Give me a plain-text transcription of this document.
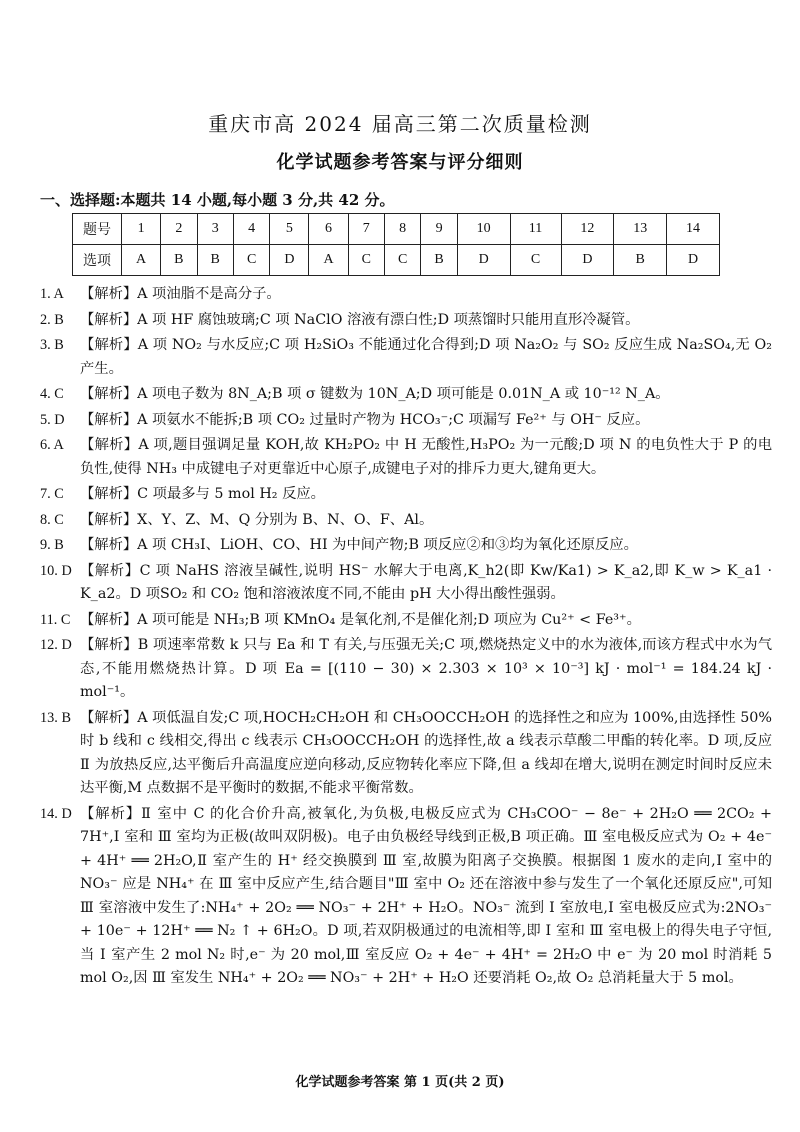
重庆市高 2024 届高三第二次质量检测
化学试题参考答案与评分细则
一、选择题:本题共 14 小题,每小题 3 分,共 42 分。
题号	1	2	3	4	5	6	7	8	9	10	11	12	13	14
选项	A	B	B	C	D	A	C	C	B	D	C	D	B	D
1. A 【解析】A 项油脂不是高分子。
2. B 【解析】A 项 HF 腐蚀玻璃;C 项 NaClO 溶液有漂白性;D 项蒸馏时只能用直形冷凝管。
3. B 【解析】A 项 NO₂ 与水反应;C 项 H₂SiO₃ 不能通过化合得到;D 项 Na₂O₂ 与 SO₂ 反应生成 Na₂SO₄,无 O₂ 产生。
4. C 【解析】A 项电子数为 8N_A;B 项 σ 键数为 10N_A;D 项可能是 0.01N_A 或 10⁻¹² N_A。
5. D 【解析】A 项氨水不能拆;B 项 CO₂ 过量时产物为 HCO₃⁻;C 项漏写 Fe²⁺ 与 OH⁻ 反应。
6. A 【解析】A 项,题目强调足量 KOH,故 KH₂PO₂ 中 H 无酸性,H₃PO₂ 为一元酸;D 项 N 的电负性大于 P 的电负性,使得 NH₃ 中成键电子对更靠近中心原子,成键电子对的排斥力更大,键角更大。
7. C 【解析】C 项最多与 5 mol H₂ 反应。
8. C 【解析】X、Y、Z、M、Q 分别为 B、N、O、F、Al。
9. B 【解析】A 项 CH₃I、LiOH、CO、HI 为中间产物;B 项反应②和③均为氧化还原反应。
10. D 【解析】C 项 NaHS 溶液呈碱性,说明 HS⁻ 水解大于电离,K_h2(即 Kw/Ka1) > K_a2,即 K_w > K_a1 · K_a2。D 项SO₂ 和 CO₂ 饱和溶液浓度不同,不能由 pH 大小得出酸性强弱。
11. C 【解析】A 项可能是 NH₃;B 项 KMnO₄ 是氧化剂,不是催化剂;D 项应为 Cu²⁺ < Fe³⁺。
12. D 【解析】B 项速率常数 k 只与 Ea 和 T 有关,与压强无关;C 项,燃烧热定义中的水为液体,而该方程式中水为气态,不能用燃烧热计算。D 项 Ea = [(110 − 30) × 2.303 × 10³ × 10⁻³] kJ · mol⁻¹ = 184.24 kJ · mol⁻¹。
13. B 【解析】A 项低温自发;C 项,HOCH₂CH₂OH 和 CH₃OOCCH₂OH 的选择性之和应为 100%,由选择性 50% 时 b 线和 c 线相交,得出 c 线表示 CH₃OOCCH₂OH 的选择性,故 a 线表示草酸二甲酯的转化率。D 项,反应 Ⅱ 为放热反应,达平衡后升高温度应逆向移动,反应物转化率应下降,但 a 线却在增大,说明在测定时间时反应未达平衡,M 点数据不是平衡时的数据,不能求平衡常数。
14. D 【解析】Ⅱ 室中 C 的化合价升高,被氧化,为负极,电极反应式为 CH₃COO⁻ − 8e⁻ + 2H₂O ══ 2CO₂ + 7H⁺,Ⅰ 室和 Ⅲ 室均为正极(故叫双阴极)。电子由负极经导线到正极,B 项正确。Ⅲ 室电极反应式为 O₂ + 4e⁻ + 4H⁺ ══ 2H₂O,Ⅱ 室产生的 H⁺ 经交换膜到 Ⅲ 室,故膜为阳离子交换膜。根据图 1 废水的走向,Ⅰ 室中的 NO₃⁻ 应是 NH₄⁺ 在 Ⅲ 室中反应产生,结合题目"Ⅲ 室中 O₂ 还在溶液中参与发生了一个氧化还原反应",可知 Ⅲ 室溶液中发生了:NH₄⁺ + 2O₂ ══ NO₃⁻ + 2H⁺ + H₂O。NO₃⁻ 流到 Ⅰ 室放电,Ⅰ 室电极反应式为:2NO₃⁻ + 10e⁻ + 12H⁺ ══ N₂ ↑ + 6H₂O。D 项,若双阴极通过的电流相等,即 Ⅰ 室和 Ⅲ 室电极上的得失电子守恒,当 Ⅰ 室产生 2 mol N₂ 时,e⁻ 为 20 mol,Ⅲ 室反应 O₂ + 4e⁻ + 4H⁺ = 2H₂O 中 e⁻ 为 20 mol 时消耗 5 mol O₂,因 Ⅲ 室发生 NH₄⁺ + 2O₂ ══ NO₃⁻ + 2H⁺ + H₂O 还要消耗 O₂,故 O₂ 总消耗量大于 5 mol。
化学试题参考答案 第 1 页(共 2 页)
